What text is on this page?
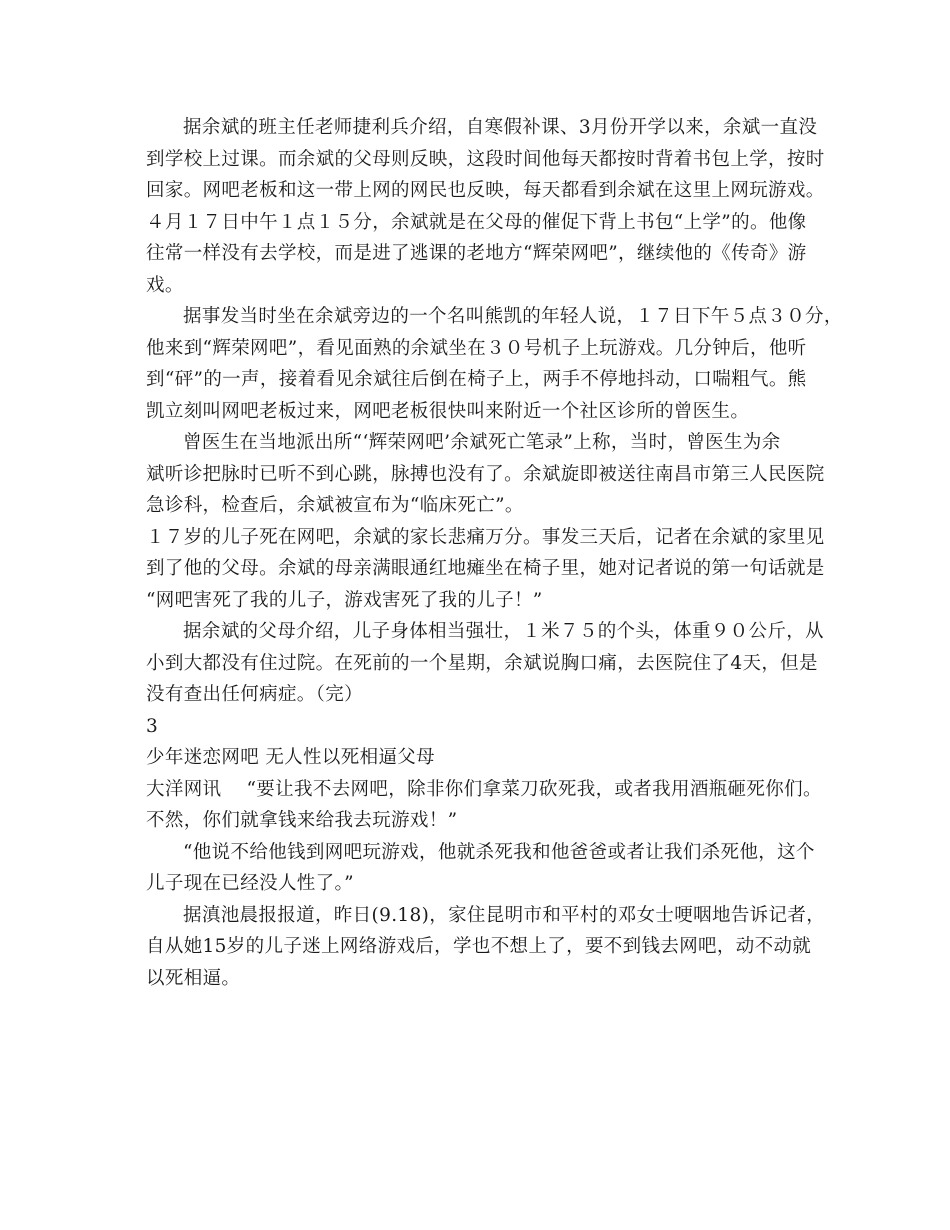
据余斌的班主任老师捷利兵介绍，自寒假补课、3月份开学以来，余斌一直没
到学校上过课。而余斌的父母则反映，这段时间他每天都按时背着书包上学，按时
回家。网吧老板和这一带上网的网民也反映，每天都看到余斌在这里上网玩游戏。
４月１７日中午１点１５分，余斌就是在父母的催促下背上书包“上学”的。他像
往常一样没有去学校，而是进了逃课的老地方“辉荣网吧”，继续他的《传奇》游
戏。
据事发当时坐在余斌旁边的一个名叫熊凯的年轻人说，１７日下午５点３０分，
他来到“辉荣网吧”，看见面熟的余斌坐在３０号机子上玩游戏。几分钟后，他听
到“砰”的一声，接着看见余斌往后倒在椅子上，两手不停地抖动，口喘粗气。熊
凯立刻叫网吧老板过来，网吧老板很快叫来附近一个社区诊所的曾医生。
曾医生在当地派出所“‘辉荣网吧’余斌死亡笔录”上称，当时，曾医生为余
斌听诊把脉时已听不到心跳，脉搏也没有了。余斌旋即被送往南昌市第三人民医院
急诊科，检查后，余斌被宣布为“临床死亡”。
１７岁的儿子死在网吧，余斌的家长悲痛万分。事发三天后，记者在余斌的家里见
到了他的父母。余斌的母亲满眼通红地瘫坐在椅子里，她对记者说的第一句话就是
“网吧害死了我的儿子，游戏害死了我的儿子！”
据余斌的父母介绍，儿子身体相当强壮，１米７５的个头，体重９０公斤，从
小到大都没有住过院。在死前的一个星期，余斌说胸口痛，去医院住了4天，但是
没有查出任何病症。（完）
3
少年迷恋网吧 无人性以死相逼父母
大洋网讯　 “要让我不去网吧，除非你们拿菜刀砍死我，或者我用酒瓶砸死你们。
不然，你们就拿钱来给我去玩游戏！”
“他说不给他钱到网吧玩游戏，他就杀死我和他爸爸或者让我们杀死他，这个
儿子现在已经没人性了。”
据滇池晨报报道，昨日(9.18)，家住昆明市和平村的邓女士哽咽地告诉记者，
自从她15岁的儿子迷上网络游戏后，学也不想上了，要不到钱去网吧，动不动就
以死相逼。
